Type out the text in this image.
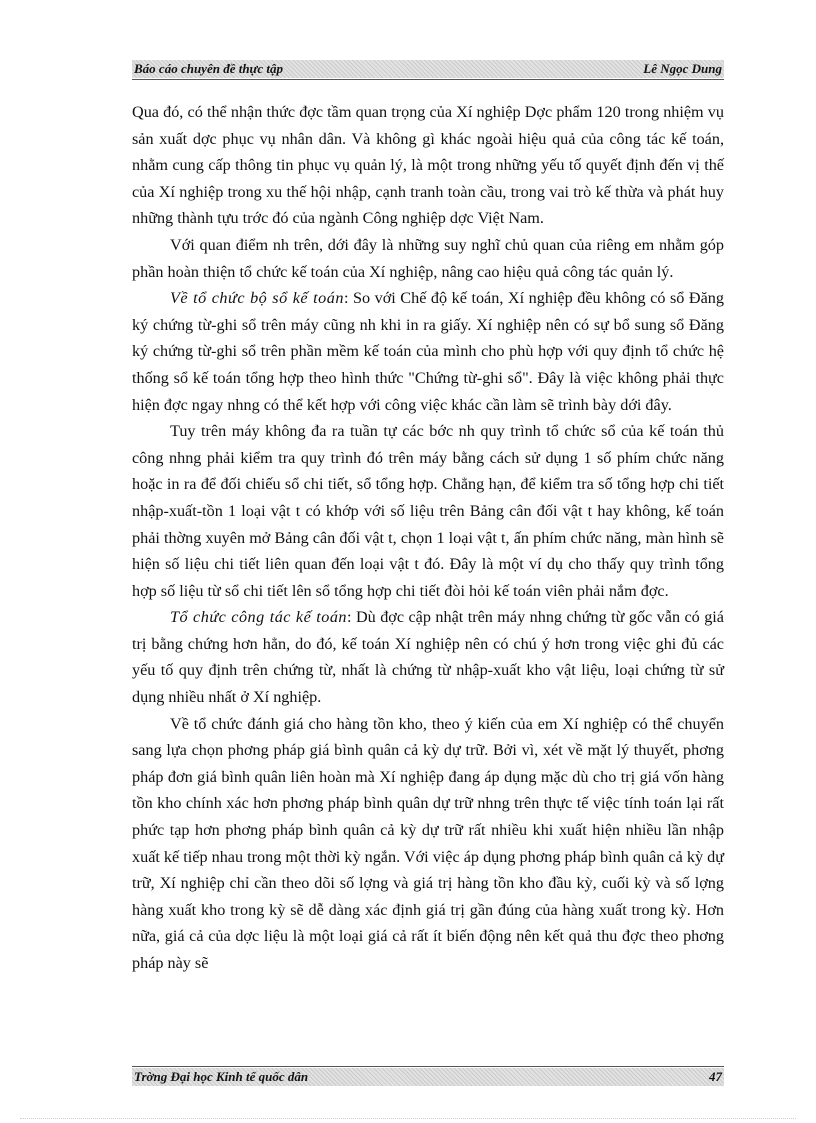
Báo cáo chuyên đề thực tập	Lê Ngọc Dung

Qua đó, có thể nhận thức đợc tầm quan trọng của Xí nghiệp Dợc phẩm 120 trong nhiệm vụ sản xuất dợc phục vụ nhân dân. Và không gì khác ngoài hiệu quả của công tác kế toán, nhằm cung cấp thông tin phục vụ quản lý, là một trong những yếu tố quyết định đến vị thế của Xí nghiệp trong xu thế hội nhập, cạnh tranh toàn cầu, trong vai trò kế thừa và phát huy những thành tựu trớc đó của ngành Công nghiệp dợc Việt Nam.

Với quan điểm nh trên, dới đây là những suy nghĩ chủ quan của riêng em nhằm góp phần hoàn thiện tổ chức kế toán của Xí nghiệp, nâng cao hiệu quả công tác quản lý.

Về tổ chức bộ sổ kế toán: So với Chế độ kế toán, Xí nghiệp đều không có sổ Đăng ký chứng từ-ghi sổ trên máy cũng nh khi in ra giấy. Xí nghiệp nên có sự bổ sung sổ Đăng ký chứng từ-ghi sổ trên phần mềm kế toán của mình cho phù hợp với quy định tổ chức hệ thống sổ kế toán tổng hợp theo hình thức "Chứng từ-ghi sổ". Đây là việc không phải thực hiện đợc ngay nhng có thể kết hợp với công việc khác cần làm sẽ trình bày dới đây.

Tuy trên máy không đa ra tuần tự các bớc nh quy trình tổ chức sổ của kế toán thủ công nhng phải kiểm tra quy trình đó trên máy bằng cách sử dụng 1 số phím chức năng hoặc in ra để đối chiếu sổ chi tiết, sổ tổng hợp. Chẳng hạn, để kiểm tra số tổng hợp chi tiết nhập-xuất-tồn 1 loại vật t có khớp với số liệu trên Bảng cân đối vật t hay không, kế toán phải thờng xuyên mở Bảng cân đối vật t, chọn 1 loại vật t, ấn phím chức năng, màn hình sẽ hiện số liệu chi tiết liên quan đến loại vật t đó. Đây là một ví dụ cho thấy quy trình tổng hợp số liệu từ sổ chi tiết lên sổ tổng hợp chi tiết đòi hỏi kế toán viên phải nắm đợc.

Tổ chức công tác kế toán: Dù đợc cập nhật trên máy nhng chứng từ gốc vẫn có giá trị bằng chứng hơn hẳn, do đó, kế toán Xí nghiệp nên có chú ý hơn trong việc ghi đủ các yếu tố quy định trên chứng từ, nhất là chứng từ nhập-xuất kho vật liệu, loại chứng từ sử dụng nhiều nhất ở Xí nghiệp.

Về tổ chức đánh giá cho hàng tồn kho, theo ý kiến của em Xí nghiệp có thể chuyển sang lựa chọn phơng pháp giá bình quân cả kỳ dự trữ. Bởi vì, xét về mặt lý thuyết, phơng pháp đơn giá bình quân liên hoàn mà Xí nghiệp đang áp dụng mặc dù cho trị giá vốn hàng tồn kho chính xác hơn phơng pháp bình quân dự trữ nhng trên thực tế việc tính toán lại rất phức tạp hơn phơng pháp bình quân cả kỳ dự trữ rất nhiều khi xuất hiện nhiều lần nhập xuất kế tiếp nhau trong một thời kỳ ngắn. Với việc áp dụng phơng pháp bình quân cả kỳ dự trữ, Xí nghiệp chỉ cần theo dõi số lợng và giá trị hàng tồn kho đầu kỳ, cuối kỳ và số lợng hàng xuất kho trong kỳ sẽ dễ dàng xác định giá trị gần đúng của hàng xuất trong kỳ. Hơn nữa, giá cả của dợc liệu là một loại giá cả rất ít biến động nên kết quả thu đợc theo phơng pháp này sẽ

Trờng Đại học Kinh tế quốc dân	47
